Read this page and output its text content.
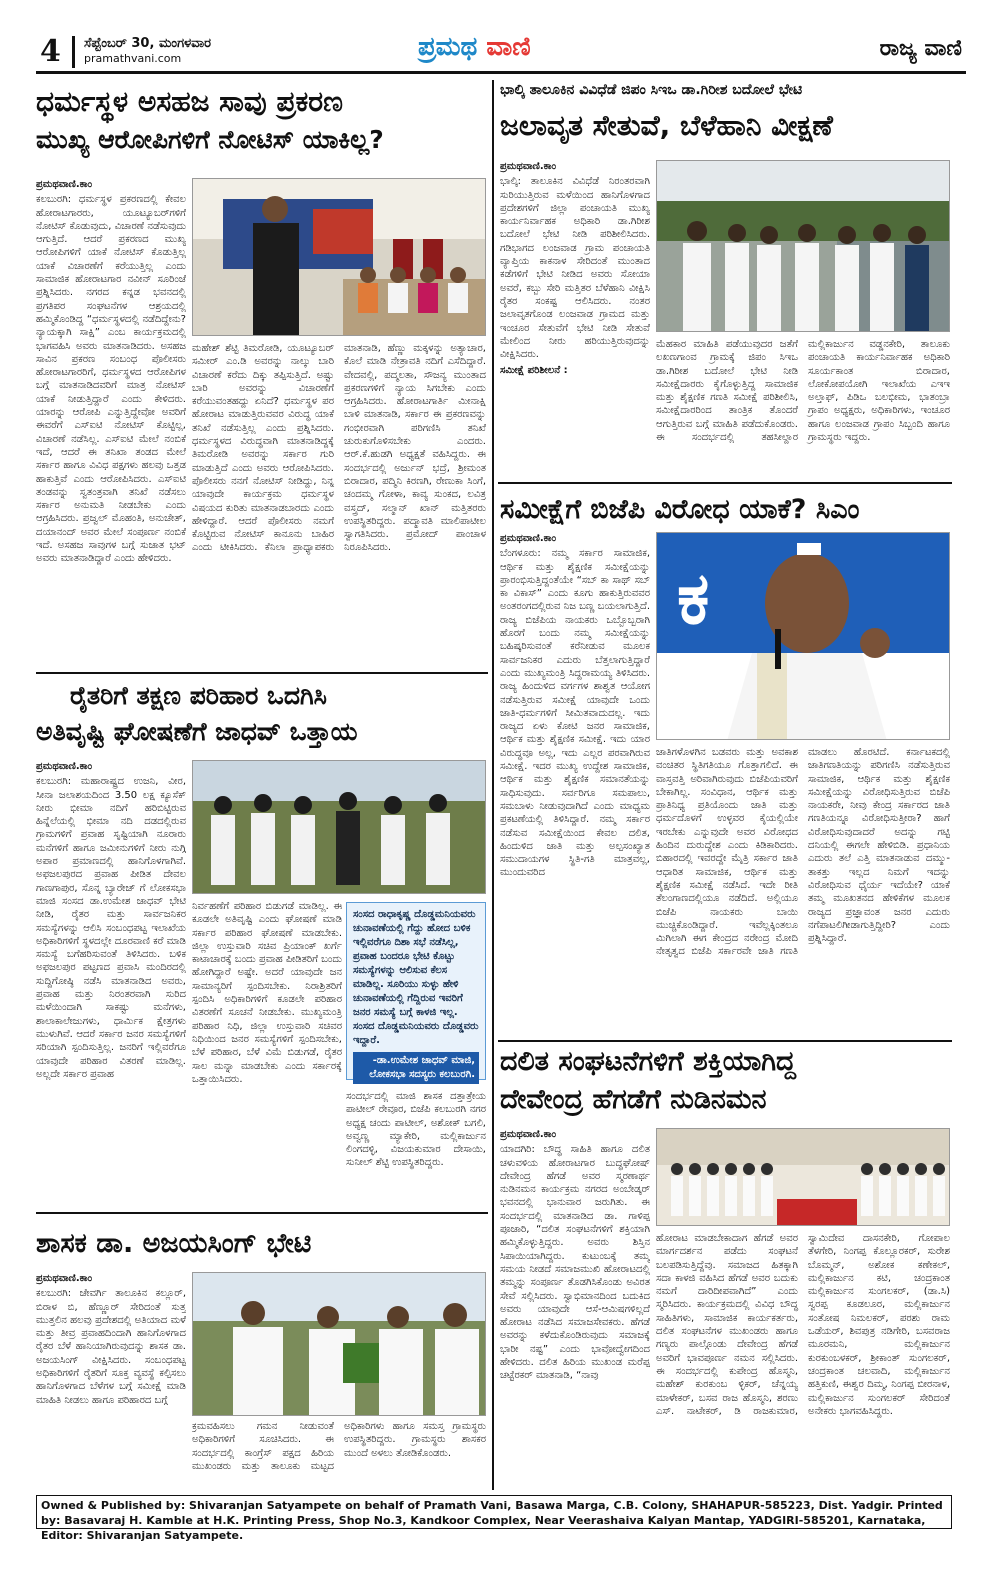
4 ಸೆಪ್ಟೆಂಬರ್ 30, ಮಂಗಳವಾರ
pramathvani.com	ಪ್ರಮಥ ವಾಣಿ	ರಾಜ್ಯ ವಾಣಿ
ಧರ್ಮಸ್ಥಳ ಅಸಹಜ ಸಾವು ಪ್ರಕರಣ
ಮುಖ್ಯ ಆರೋಪಿಗಳಿಗೆ ನೋಟಿಸ್ ಯಾಕಿಲ್ಲ?
ಪ್ರಮಥವಾಣಿ.ಕಾಂ
ಕಲಬುರಗಿ: ಧರ್ಮಸ್ಥಳ ಪ್ರಕರಣದಲ್ಲಿ ಕೇವಲ ಹೋರಾಟಗಾರರು, ಯೂಟ್ಯೂಬರ್‌ಗಳಿಗೆ ನೋಟಿಸ್ ಕೊಡುವುದು, ವಿಚಾರಣೆ ನಡೆಸುವುದು ಆಗುತ್ತಿದೆ. ಆದರೆ ಪ್ರಕರಣದ ಮುಖ್ಯ ಆರೋಪಿಗಳಿಗೆ ಯಾಕೆ ನೋಟಿಸ್ ಕೊಡುತ್ತಿಲ್ಲ ಯಾಕೆ ವಿಚಾರಣೆಗೆ ಕರೆಯುತ್ತಿಲ್ಲ ಎಂದು ಸಾಮಾಜಿಕ ಹೋರಾಟಗಾರ ನವೀನ್ ಸೂರಿಂಜೆ ಪ್ರಶ್ನಿಸಿದರು. ನಗರದ ಕನ್ನಡ ಭವನದಲ್ಲಿ ಪ್ರಗತಿಪರ ಸಂಘಟನೆಗಳ ಆಶ್ರಯದಲ್ಲಿ ಹಮ್ಮಿಕೊಂಡಿದ್ದ “ಧರ್ಮಸ್ಥಳದಲ್ಲಿ ನಡೆದಿದ್ದೇನು? ನ್ಯಾಯಕ್ಕಾಗಿ ಸಾಕ್ಷಿ” ಎಂಬ ಕಾರ್ಯಕ್ರಮದಲ್ಲಿ ಭಾಗವಹಿಸಿ ಅವರು ಮಾತನಾಡಿದರು. ಅಸಹಜ ಸಾವಿನ ಪ್ರಕರಣ ಸಂಬಂಧ ಪೊಲೀಸರು ಹೋರಾಟಗಾರರಿಗೆ, ಧರ್ಮಸ್ಥಳದ ಆರೋಪಿಗಳ ಬಗ್ಗೆ ಮಾತನಾಡಿದವರಿಗೆ ಮಾತ್ರ ನೋಟಿಸ್ ಯಾಕೆ ನೀಡುತ್ತಿದ್ದಾರೆ ಎಂದು ಕೇಳಿದರು. ಯಾರನ್ನು ಆರೋಪಿ ಎನ್ನುತ್ತಿದ್ದೇವೋ ಅವರಿಗೆ ಈವರೆಗೆ ಎಸ್‌ಐಟಿ ನೋಟಿಸ್ ಕೊಟ್ಟಿಲ್ಲ, ವಿಚಾರಣೆ ನಡೆಸಿಲ್ಲ. ಎಸ್‌ಐಟಿ ಮೇಲೆ ನಂಬಿಕೆ ಇದೆ, ಆದರೆ ಈ ತನಿಖಾ ತಂಡದ ಮೇಲೆ ಸರ್ಕಾರ ಹಾಗೂ ವಿವಿಧ ಪಕ್ಷಗಳು ಹಲವು ಒತ್ತಡ ಹಾಕುತ್ತಿವೆ ಎಂದು ಆರೋಪಿಸಿದರು. ಎಸ್‌ಐಟಿ ತಂಡವನ್ನು ಸ್ವತಂತ್ರವಾಗಿ ತನಿಖೆ ನಡೆಸಲು ಸರ್ಕಾರ ಅನುಮತಿ ನೀಡಬೇಕು ಎಂದು ಆಗ್ರಹಿಸಿದರು. ಪ್ರಜ್ವಲ್ ಮೊಹಂತಿ, ಅನುಚೇತ್, ದಯಾನಂದ್ ಅವರ ಮೇಲೆ ಸಂಪೂರ್ಣ ನಂಬಿಕೆ ಇದೆ. ಅಸಹಜ ಸಾವುಗಳ ಬಗ್ಗೆ ಸುಜಾತ ಭಟ್ ಅವರು ಮಾತನಾಡಿದ್ದಾರೆ ಎಂದು ಹೇಳಿದರು.
ಮಹೇಶ್ ಶೆಟ್ಟಿ ತಿಮರೋಡಿ, ಯೂಟ್ಯೂಬರ್ ಸಮೀರ್ ಎಂ.ಡಿ ಅವರನ್ನು ನಾಲ್ಕು ಬಾರಿ ವಿಚಾರಣೆ ಕರೆದು ದಿಕ್ಕು ತಪ್ಪಿಸುತ್ತಿದೆ. ಅಷ್ಟು ಬಾರಿ ಅವರನ್ನು ವಿಚಾರಣೆಗೆ ಕರೆಯುವಂತಹದ್ದು ಏನಿದೆ? ಧರ್ಮಸ್ಥಳ ಪರ ಹೋರಾಟ ಮಾಡುತ್ತಿರುವವರ ವಿರುದ್ಧ ಯಾಕೆ ತನಿಖೆ ನಡೆಸುತ್ತಿಲ್ಲ ಎಂದು ಪ್ರಶ್ನಿಸಿದರು. ಧರ್ಮಸ್ಥಳದ ವಿರುದ್ಧವಾಗಿ ಮಾತನಾಡಿದ್ದಕ್ಕೆ ತಿಮರೋಡಿ ಅವರನ್ನು ಸರ್ಕಾರ ಗುರಿ ಮಾಡುತ್ತಿದೆ ಎಂದು ಅವರು ಆರೋಪಿಸಿದರು. ಪೊಲೀಸರು ನನಗೆ ನೋಟಿಸ್ ನೀಡಿದ್ದು, ನಿನ್ನ ಯಾವುದೇ ಕಾರ್ಯಕ್ರಮ ಧರ್ಮಸ್ಥಳ ವಿಷಯದ ಕುರಿತು ಮಾತನಾಡಬಾರದು ಎಂದು ಹೇಳಿದ್ದಾರೆ. ಆದರೆ ಪೊಲೀಸರು ನಮಗೆ ಕೊಟ್ಟಿರುವ ನೋಟಿಸ್ ಕಾನೂನು ಬಾಹಿರ ಎಂದು ಟೀಕಿಸಿದರು. ಕೆನಿಲಾ ಪ್ರಾಧ್ಯಾಪಕರು ಮಾತನಾಡಿ, ಹೆಣ್ಣು ಮಕ್ಕಳನ್ನು ಅತ್ಯಾಚಾರ, ಕೊಲೆ ಮಾಡಿ ನೇತ್ರಾವತಿ ನದಿಗೆ ಎಸೆದಿದ್ದಾರೆ. ವೇದವಲ್ಲಿ, ಪದ್ಮಲತಾ, ಸೌಜನ್ಯ ಮುಂತಾದ ಪ್ರಕರಣಗಳಿಗೆ ನ್ಯಾಯ ಸಿಗಬೇಕು ಎಂದು ಆಗ್ರಹಿಸಿದರು. ಹೋರಾಟಗಾರ್ತಿ ಮೀನಾಕ್ಷಿ ಬಾಳಿ ಮಾತನಾಡಿ, ಸರ್ಕಾರ ಈ ಪ್ರಕರಣವನ್ನು ಗಂಭೀರವಾಗಿ ಪರಿಗಣಿಸಿ ತನಿಖೆ ಚುರುಕುಗೊಳಿಸಬೇಕು ಎಂದರು. ಆರ್.ಕೆ.ಹುಡಗಿ ಅಧ್ಯಕ್ಷತೆ ವಹಿಸಿದ್ದರು. ಈ ಸಂದರ್ಭದಲ್ಲಿ ಅರ್ಜುನ್ ಭದ್ರೆ, ಶ್ರೀಮಂತ ಬಿರಾದಾರ, ಪದ್ಮಿನಿ ಕಿರಣಗಿ, ರೇಣುಕಾ ಸಿಂಗೆ, ಚಂದಮ್ಮ ಗೋಳಾ, ಕಾವ್ಯ ಸುಂಕದ, ಲವಿತ್ರ ವಸ್ತ್ರದ್, ಸಲ್ಮಾನ್ ಖಾನ್ ಮತ್ತಿತರರು ಉಪಸ್ಥಿತರಿದ್ದರು. ಪದ್ಮಾವತಿ ಮಾಲಿಪಾಟೀಲ ಸ್ವಾಗತಿಸಿದರು. ಪ್ರಮೋದ್ ಪಾಂಚಾಳ ನಿರೂಪಿಸಿದರು.
ರೈತರಿಗೆ ತಕ್ಷಣ ಪರಿಹಾರ ಒದಗಿಸಿ
ಅತಿವೃಷ್ಟಿ ಘೋಷಣೆಗೆ ಜಾಧವ್ ಒತ್ತಾಯ
ಪ್ರಮಥವಾಣಿ.ಕಾಂ
ಕಲಬುರಗಿ: ಮಹಾರಾಷ್ಟ್ರದ ಉಜನಿ, ವೀರ, ಸೀನಾ ಜಲಾಶಯದಿಂದ 3.50 ಲಕ್ಷ ಕ್ಯೂಸೆಕ್ ನೀರು ಭೀಮಾ ನದಿಗೆ ಹರಿಬಿಟ್ಟಿರುವ ಹಿನ್ನೆಲೆಯಲ್ಲಿ ಭೀಮಾ ನದಿ ದಡದಲ್ಲಿರುವ ಗ್ರಾಮಗಳಿಗೆ ಪ್ರವಾಹ ಸೃಷ್ಟಿಯಾಗಿ ನೂರಾರು ಮನೆಗಳಿಗೆ ಹಾಗೂ ಜಮೀನುಗಳಿಗೆ ನೀರು ನುಗ್ಗಿ ಅಪಾರ ಪ್ರಮಾಣದಲ್ಲಿ ಹಾನಿಗೊಳಗಾಗಿವೆ. ಅಫಜಲಪುರದ ಪ್ರವಾಹ ಪೀಡಿತ ದೇವಲ ಗಾಣಗಾಪುರ, ಸೊನ್ನ ಬ್ಯಾರೇಜ್ ಗೆ ಲೋಕಸಭಾ ಮಾಜಿ ಸಂಸದ ಡಾ.ಉಮೇಶ ಜಾಧವ್ ಭೇಟಿ ನೀಡಿ, ರೈತರ ಮತ್ತು ಸಾರ್ವಜನಿಕರ ಸಮಸ್ಯೆಗಳನ್ನು ಆಲಿಸಿ ಸಂಬಂಧಪಟ್ಟ ಇಲಾಖೆಯ ಅಧಿಕಾರಿಗಳಿಗೆ ಸ್ಥಳದಲ್ಲೇ ದೂರವಾಣಿ ಕರೆ ಮಾಡಿ ಸಮಸ್ಯೆ ಬಗೆಹರಿಸುವಂತೆ ತಿಳಿಸಿದರು. ಬಳಿಕ ಅಫಜಲಪುರ ಪಟ್ಟಣದ ಪ್ರವಾಸಿ ಮಂದಿರದಲ್ಲಿ ಸುದ್ದಿಗೋಷ್ಠಿ ನಡೆಸಿ ಮಾತನಾಡಿದ ಅವರು, ಪ್ರವಾಹ ಮತ್ತು ನಿರಂತರವಾಗಿ ಸುರಿದ ಮಳೆಯಿಂದಾಗಿ ಸಾಕಷ್ಟು ಮನೆಗಳು, ಶಾಲಾಕಾಲೇಜುಗಳು, ಧಾರ್ಮಿಕ ಕ್ಷೇತ್ರಗಳು ಮುಳುಗಿವೆ. ಆದರೆ ಸರ್ಕಾರ ಜನರ ಸಮಸ್ಯೆಗಳಿಗೆ ಸರಿಯಾಗಿ ಸ್ಪಂದಿಸುತ್ತಿಲ್ಲ. ಜನರಿಗೆ ಇಲ್ಲಿವರೆಗೂ ಯಾವುದೇ ಪರಿಹಾರ ವಿತರಣೆ ಮಾಡಿಲ್ಲ. ಅಲ್ಲದೇ ಸರ್ಕಾರ ಪ್ರವಾಹ
ನಿರ್ವಹಣೆಗೆ ಪರಿಹಾರ ಬಿಡುಗಡೆ ಮಾಡಿಲ್ಲ. ಈ ಕೂಡಲೇ ಅತಿವೃಷ್ಟಿ ಎಂದು ಘೋಷಣೆ ಮಾಡಿ ಸರ್ಕಾರ ಪರಿಹಾರ ಘೋಷಣೆ ಮಾಡಬೇಕು. ಜಿಲ್ಲಾ ಉಸ್ತುವಾರಿ ಸಚಿವ ಪ್ರಿಯಾಂಕ್ ಖರ್ಗೆ ಕಾಟಾಚಾರಕ್ಕೆ ಬಂದು ಪ್ರವಾಹ ಪೀಡಿತರಿಗೆ ಬಂದು ಹೋಗಿದ್ದಾರೆ ಅಷ್ಟೇ. ಅದರೆ ಯಾವುದೇ ಜನ ಸಾಮಾನ್ಯರಿಗೆ ಸ್ಪಂದಿಸಬೇಕು. ನಿರಾಶ್ರಿತರಿಗೆ ಸ್ಪಂದಿಸಿ ಅಧಿಕಾರಿಗಳಿಗೆ ಕೂಡಲೇ ಪರಿಹಾರ ವಿತರಣೆಗೆ ಸೂಚನೆ ನೀಡಬೇಕು. ಮುಖ್ಯಮಂತ್ರಿ ಪರಿಹಾರ ನಿಧಿ, ಜಿಲ್ಲಾ ಉಸ್ತುವಾರಿ ಸಚಿವರ ನಿಧಿಯಿಂದ ಜನರ ಸಮಸ್ಯೆಗಳಿಗೆ ಸ್ಪಂದಿಸಬೇಕು, ಬೆಳೆ ಪರಿಹಾರ, ಬೆಳೆ ವಿಮೆ ಬಿಡುಗಡೆ, ರೈತರ ಸಾಲ ಮನ್ನಾ ಮಾಡಬೇಕು ಎಂದು ಸರ್ಕಾರಕ್ಕೆ ಒತ್ತಾಯಿಸಿದರು.
ಸಂಸದ ರಾಧಾಕೃಷ್ಣ ದೊಡ್ಡಮನಿಯವರು ಚುನಾವಣೆಯಲ್ಲಿ ಗೆದ್ದು ಹೋದ ಬಳಿಕ ಇಲ್ಲಿವರೆಗೂ ದಿಶಾ ಸಭೆ ನಡೆಸಿಲ್ಲ, ಪ್ರವಾಹ ಬಂದರೂ ಭೇಟಿ ಕೊಟ್ಟು ಸಮಸ್ಯೆಗಳನ್ನು ಆಲಿಸುವ ಕೆಲಸ ಮಾಡಿಲ್ಲ. ಸೂರಿಯು ಸುಳ್ಳು ಹೇಳಿ ಚುನಾವಣೆಯಲ್ಲಿ ಗೆದ್ದಿರುವ ಇವರಿಗೆ ಜನರ ಸಮಸ್ಯೆ ಬಗ್ಗೆ ಕಾಳಜಿ ಇಲ್ಲ. ಸಂಸದ ದೊಡ್ಡಮನಿಯವರು ದೊಡ್ಡವರು ಇದ್ದಾರೆ.
-ಡಾ.ಉಮೇಶ ಜಾಧವ್ ಮಾಜಿ, ಲೋಕಸಭಾ ಸದಸ್ಯರು ಕಲಬುರಗಿ.
ಸಂದರ್ಭದಲ್ಲಿ ಮಾಜಿ ಶಾಸಕ ದತ್ತಾತ್ರೇಯ ಪಾಟೀಲ್ ರೇವೂರ, ಬಿಜೆಪಿ ಕಲಬುರಗಿ ನಗರ ಅಧ್ಯಕ್ಷ ಚಂದು ಪಾಟೀಲ್, ಅಶೋಕ್ ಬಗಲಿ, ಅವ್ವಣ್ಣ ಮ್ಯಾಕೇರಿ, ಮಲ್ಲಿಕಾರ್ಜುನ ಲಿಂಗದಳ್ಳಿ, ವಿಜಯಕುಮಾರ ದೇಸಾಯಿ, ಸುನೀಲ್ ಶೆಟ್ಟಿ ಉಪಸ್ಥಿತರಿದ್ದರು.
ಶಾಸಕ ಡಾ. ಅಜಯಸಿಂಗ್ ಭೇಟಿ
ಪ್ರಮಥವಾಣಿ.ಕಾಂ
ಕಲಬುರಗಿ: ಜೇವರ್ಗಿ ತಾಲೂಕಿನ ಕಲ್ಲೂರ್, ಬಿರಾಳ ಬಿ, ಹೆಣ್ಣೂರ್ ಸೇರಿದಂತೆ ಸುತ್ತ ಮುತ್ತಲಿನ ಹಲವು ಪ್ರದೇಶದಲ್ಲಿ ಅತಿಯಾದ ಮಳೆ ಮತ್ತು ತೀವ್ರ ಪ್ರವಾಹದಿಂದಾಗಿ ಹಾನಿಗೊಳಗಾದ ರೈತರ ಬೆಳೆ ಹಾನಿಯಾಗಿರುವುದನ್ನು ಶಾಸಕ ಡಾ. ಅಜಯಸಿಂಗ್ ವೀಕ್ಷಿಸಿದರು. ಸಂಬಂಧಪಟ್ಟ ಅಧಿಕಾರಿಗಳಿಗೆ ರೈತರಿಗೆ ಸೂಕ್ತ ವ್ಯವಸ್ಥೆ ಕಲ್ಪಿಸಲು ಹಾನಿಗೊಳಗಾದ ಬೆಳೆಗಳ ಬಗ್ಗೆ ಸಮೀಕ್ಷೆ ಮಾಡಿ ಮಾಹಿತಿ ನೀಡಲು ಹಾಗೂ ಪರಿಹಾರದ ಬಗ್ಗೆ
ಕ್ರಮವಹಿಸಲು ಗಮನ ನೀಡುವಂತೆ ಅಧಿಕಾರಿಗಳಿಗೆ ಸೂಚಿಸಿದರು. ಈ ಸಂದರ್ಭದಲ್ಲಿ ಕಾಂಗ್ರೆಸ್ ಪಕ್ಷದ ಹಿರಿಯ ಮುಖಂಡರು ಮತ್ತು ತಾಲೂಕು ಮಟ್ಟದ ಅಧಿಕಾರಿಗಳು ಹಾಗೂ ಸಮಸ್ತ ಗ್ರಾಮಸ್ಥರು ಉಪಸ್ಥಿತರಿದ್ದರು. ಗ್ರಾಮಸ್ಥರು ಶಾಸಕರ ಮುಂದೆ ಅಳಲು ತೋಡಿಕೊಂಡರು.
ಭಾಲ್ಕಿ ತಾಲೂಕಿನ ವಿವಿಧೆಡೆ ಜಿಪಂ ಸಿಇಒ ಡಾ.ಗಿರೀಶ ಬದೋಲೆ ಭೇಟಿ
ಜಲಾವೃತ ಸೇತುವೆ, ಬೆಳೆಹಾನಿ ವೀಕ್ಷಣೆ
ಪ್ರಮಥವಾಣಿ.ಕಾಂ
ಭಾಲ್ಕಿ: ತಾಲೂಕಿನ ವಿವಿಧೆಡೆ ನಿರಂತರವಾಗಿ ಸುರಿಯುತ್ತಿರುವ ಮಳೆಯಿಂದ ಹಾನಿಗೊಳಗಾದ ಪ್ರದೇಶಗಳಿಗೆ ಜಿಲ್ಲಾ ಪಂಚಾಯತಿ ಮುಖ್ಯ ಕಾರ್ಯನಿರ್ವಾಹಕ ಅಧಿಕಾರಿ ಡಾ.ಗಿರೀಶ ಬದೋಲೆ ಭೇಟಿ ನೀಡಿ ಪರಿಶೀಲಿಸಿದರು. ಗಡಿಭಾಗದ ಲಂಜವಾಡ ಗ್ರಾಮ ಪಂಚಾಯತಿ ವ್ಯಾಪ್ತಿಯ ಕಾಕನಾಳ ಸೇರಿದಂತೆ ಮುಂತಾದ ಕಡೆಗಳಿಗೆ ಭೇಟಿ ನೀಡಿದ ಅವರು ಸೋಯಾ ಅವರೆ, ಕಬ್ಬು ಸೇರಿ ಮತ್ತಿತರ ಬೆಳೆಹಾನಿ ವೀಕ್ಷಿಸಿ ರೈತರ ಸಂಕಷ್ಟ ಆಲಿಸಿದರು. ನಂತರ ಜಲಾವೃತಗೊಂಡ ಲಂಜವಾಡ ಗ್ರಾಮದ ಮತ್ತು ಇಂಚೂರ ಸೇತುವೆಗೆ ಭೇಟಿ ನೀಡಿ ಸೇತುವೆ ಮೇಲಿಂದ ನೀರು ಹರಿಯುತ್ತಿರುವುದನ್ನು ವೀಕ್ಷಿಸಿದರು.
ಸಮೀಕ್ಷೆ ಪರಿಶೀಲನೆ :
ಮೆಹಕಾರ ಮಾಹಿತಿ ಪಡೆಯುವುದರ ಜತೆಗೆ ಲಖಣಗಾಂವ ಗ್ರಾಮಕ್ಕೆ ಜಿಪಂ ಸಿಇಒ ಡಾ.ಗಿರೀಶ ಬದೋಲೆ ಭೇಟಿ ನೀಡಿ ಸಮೀಕ್ಷೆದಾರರು ಕೈಗೊಳ್ಳುತ್ತಿದ್ದ ಸಾಮಾಜಿಕ ಮತ್ತು ಶೈಕ್ಷಣಿಕ ಗಣತಿ ಸಮೀಕ್ಷೆ ಪರಿಶೀಲಿಸಿ, ಸಮೀಕ್ಷೆದಾರರಿಂದ ತಾಂತ್ರಿಕ ತೊಂದರೆ ಆಗುತ್ತಿರುವ ಬಗ್ಗೆ ಮಾಹಿತಿ ಪಡೆದುಕೊಂಡರು. ಈ ಸಂದರ್ಭದಲ್ಲಿ ತಹಸೀಲ್ದಾರ ಮಲ್ಲಿಕಾರ್ಜುನ ವಡ್ಡನಕೇರಿ, ತಾಲೂಕು ಪಂಚಾಯತಿ ಕಾರ್ಯನಿರ್ವಾಹಕ ಅಧಿಕಾರಿ ಸೂರ್ಯಕಾಂತ ಬಿರಾದಾರ, ಲೋಕೋಪಯೋಗಿ ಇಲಾಖೆಯ ಎಇಇ ಅಲ್ತಾಫ್, ಪಿಡಿಒ ಬಲಭೀಮ, ಭಾತಂಬ್ರಾ ಗ್ರಾಪಂ ಅಧ್ಯಕ್ಷರು, ಅಧಿಕಾರಿಗಳು, ಇಂಚೂರ ಹಾಗೂ ಲಂಜವಾಡ ಗ್ರಾಪಂ ಸಿಬ್ಬಂದಿ ಹಾಗೂ ಗ್ರಾಮಸ್ಥರು ಇದ್ದರು.
ಸಮೀಕ್ಷೆಗೆ ಬಿಜೆಪಿ ವಿರೋಧ ಯಾಕೆ? ಸಿಎಂ
ಪ್ರಮಥವಾಣಿ.ಕಾಂ
ಬೆಂಗಳೂರು: ನಮ್ಮ ಸರ್ಕಾರ ಸಾಮಾಜಿಕ, ಆರ್ಥಿಕ ಮತ್ತು ಶೈಕ್ಷಣಿಕ ಸಮೀಕ್ಷೆಯನ್ನು ಪ್ರಾರಂಭಿಸುತ್ತಿದ್ದಂತೆಯೇ “ಸಬ್ ಕಾ ಸಾಥ್ ಸಬ್ ಕಾ ವಿಕಾಸ್” ಎಂದು ಕೂಗು ಹಾಕುತ್ತಿರುವವರ ಅಂತರಂಗದಲ್ಲಿರುವ ನಿಜ ಬಣ್ಣ ಬಯಲಾಗುತ್ತಿದೆ. ರಾಜ್ಯ ಬಿಜೆಪಿಯ ನಾಯಕರು ಒಬ್ಬೊಬ್ಬರಾಗಿ ಹೊರಗೆ ಬಂದು ನಮ್ಮ ಸಮೀಕ್ಷೆಯನ್ನು ಬಹಿಷ್ಕರಿಸುವಂತೆ ಕರೆನೀಡುವ ಮೂಲಕ ಸಾರ್ವಜನಿಕರ ಎದುರು ಬೆತ್ತಲಾಗುತ್ತಿದ್ದಾರೆ ಎಂದು ಮುಖ್ಯಮಂತ್ರಿ ಸಿದ್ದರಾಮಯ್ಯ ತಿಳಿಸಿದರು. ರಾಜ್ಯ ಹಿಂದುಳಿದ ವರ್ಗಗಳ ಶಾಶ್ವತ ಆಯೋಗ ನಡೆಸುತ್ತಿರುವ ಸಮೀಕ್ಷೆ ಯಾವುದೇ ಒಂದು ಜಾತಿ-ಧರ್ಮಗಳಿಗೆ ಸೀಮಿತವಾದುದಲ್ಲ. ಇದು ರಾಜ್ಯದ ಏಳು ಕೋಟಿ ಜನರ ಸಾಮಾಜಿಕ, ಆರ್ಥಿಕ ಮತ್ತು ಶೈಕ್ಷಣಿಕ ಸಮೀಕ್ಷೆ. ಇದು ಯಾರ ವಿರುದ್ಧವೂ ಅಲ್ಲ, ಇದು ಎಲ್ಲರ ಪರವಾಗಿರುವ ಸಮೀಕ್ಷೆ. ಇದರ ಮುಖ್ಯ ಉದ್ದೇಶ ಸಾಮಾಜಿಕ, ಆರ್ಥಿಕ ಮತ್ತು ಶೈಕ್ಷಣಿಕ ಸಮಾನತೆಯನ್ನು ಸಾಧಿಸುವುದು. ಸರ್ವರಿಗೂ ಸಮಪಾಲು, ಸಮಬಾಳು ನೀಡುವುದಾಗಿದೆ ಎಂದು ಮಾಧ್ಯಮ ಪ್ರಕಟಣೆಯಲ್ಲಿ ತಿಳಿಸಿದ್ದಾರೆ. ನಮ್ಮ ಸರ್ಕಾರ ನಡೆಸುವ ಸಮೀಕ್ಷೆಯಿಂದ ಕೇವಲ ದಲಿತ, ಹಿಂದುಳಿದ ಜಾತಿ ಮತ್ತು ಅಲ್ಪಸಂಖ್ಯಾತ ಸಮುದಾಯಗಳ ಸ್ಥಿತಿ-ಗತಿ ಮಾತ್ರವಲ್ಲ, ಮುಂದುವರಿದ
ಕ
ಜಾತಿಗಳೊಳಗಿನ ಬಡವರು ಮತ್ತು ಅವಕಾಶ ವಂಚಿತರ ಸ್ಥಿತಿಗತಿಯೂ ಗೊತ್ತಾಗಲಿದೆ. ಈ ವಾಸ್ತವತ್ತಿ ಅರಿವಾಗಿರುವುದು ಬಿಜೆಪಿಯವರಿಗೆ ಬೇಕಾಗಿಲ್ಲ. ಸಂವಿಧಾನ, ಆರ್ಥಿಕ ಮತ್ತು ಪ್ರಾತಿನಿಧ್ಯ ಪ್ರತಿಯೊಂದು ಜಾತಿ ಮತ್ತು ಧರ್ಮದೊಳಗೆ ಉಳ್ಳವರ ಕೈಯಲ್ಲಿಯೇ ಇರಬೇಕು ಎನ್ನುವುದೇ ಅವರ ವಿರೋಧದ ಹಿಂದಿನ ದುರುದ್ದೇಶ ಎಂದು ಕಿಡಿಕಾರಿದರು. ಬಿಹಾರದಲ್ಲಿ ಇವರದ್ದೇ ಮೈತ್ರಿ ಸರ್ಕಾರ ಜಾತಿ ಆಧಾರಿತ ಸಾಮಾಜಿಕ, ಆರ್ಥಿಕ ಮತ್ತು ಶೈಕ್ಷಣಿಕ ಸಮೀಕ್ಷೆ ನಡೆಸಿದೆ. ಇದೇ ರೀತಿ ತೆಲಂಗಾಣದಲ್ಲಿಯೂ ನಡೆದಿದೆ. ಅಲ್ಲಿಯೂ ಬಿಜೆಪಿ ನಾಯಕರು ಬಾಯಿ ಮುಚ್ಚಿಕೊಂಡಿದ್ದಾರೆ. ಇವೆಲ್ಲಕ್ಕಿಂತಲೂ ಮಿಗಿಲಾಗಿ ಈಗ ಕೇಂದ್ರದ ನರೇಂದ್ರ ಮೋದಿ ನೇತೃತ್ವದ ಬಿಜೆಪಿ ಸರ್ಕಾರವೇ ಜಾತಿ ಗಣತಿ ಮಾಡಲು ಹೊರಟಿದೆ. ಕರ್ನಾಟಕದಲ್ಲಿ ಜಾತಿಗಣತಿಯನ್ನು ಪರಿಗಣಿಸಿ ನಡೆಸುತ್ತಿರುವ ಸಾಮಾಜಿಕ, ಆರ್ಥಿಕ ಮತ್ತು ಶೈಕ್ಷಣಿಕ ಸಮೀಕ್ಷೆಯನ್ನು ವಿರೋಧಿಸುತ್ತಿರುವ ಬಿಜೆಪಿ ನಾಯಕರೇ, ನೀವು ಕೇಂದ್ರ ಸರ್ಕಾರದ ಜಾತಿ ಗಣತಿಯನ್ನೂ ವಿರೋಧಿಸುತ್ತೀರಾ? ಹಾಗೆ ವಿರೋಧಿಸುವುದಾದರೆ ಅದನ್ನು ಗಟ್ಟಿ ದನಿಯಲ್ಲಿ ಈಗಲೇ ಹೇಳಿಬಿಡಿ. ಪ್ರಧಾನಿಯ ಎದುರು ತಲೆ ಎತ್ತಿ ಮಾತನಾಡುವ ದಮ್ಮು-ತಾಕತ್ತು ಇಲ್ಲದ ನಿಮಗೆ ಇದನ್ನು ವಿರೋಧಿಸುವ ಧೈರ್ಯ ಇದೆಯೇ? ಯಾಕೆ ತಮ್ಮ ಮೂಖತನದ ಹೇಳಿಕೆಗಳ ಮೂಲಕ ರಾಜ್ಯದ ಪ್ರಜ್ಞಾವಂತ ಜನರ ಎದುರು ನಗೆಪಾಟಲಿಗೀಡಾಗುತ್ತಿದ್ದೀರಿ? ಎಂದು ಪ್ರಶ್ನಿಸಿದ್ದಾರೆ.
ದಲಿತ ಸಂಘಟನೆಗಳಿಗೆ ಶಕ್ತಿಯಾಗಿದ್ದ
ದೇವೇಂದ್ರ ಹೆಗಡೆಗೆ ನುಡಿನಮನ
ಪ್ರಮಥವಾಣಿ.ಕಾಂ
ಯಾದಗಿರಿ: ಬೌದ್ಧ ಸಾಹಿತಿ ಹಾಗೂ ದಲಿತ ಚಳುವಳಿಯ ಹೋರಾಟಗಾರ ಬುದ್ಧಘೋಷ್ ದೇವೇಂದ್ರ ಹೆಗಡೆ ಅವರ ಸ್ಮರಣಾರ್ಥ ನುಡಿನಮನ ಕಾರ್ಯಕ್ರಮ ನಗರದ ಅಂಬೇಡ್ಕರ್ ಭವನದಲ್ಲಿ ಭಾನುವಾರ ಜರುಗಿತು. ಈ ಸಂದರ್ಭದಲ್ಲಿ ಮಾತನಾಡಿದ ಡಾ. ಗಾಳಿಪ್ಪ ಪೂಜಾರಿ, “ದಲಿತ ಸಂಘಟನೆಗಳಿಗೆ ಶಕ್ತಿಯಾಗಿ ಹಮ್ಮಿಕೊಳ್ಳುತ್ತಿದ್ದರು. ಅವರು ಶಿಸ್ತಿನ ಸಿಪಾಯಿಯಾಗಿದ್ದರು. ಕುಟುಂಬಕ್ಕೆ ತಮ್ಮ ಸಮಯ ನೀಡದೆ ಸಮಾಜಮುಖಿ ಹೋರಾಟದಲ್ಲಿ ತಮ್ಮನ್ನು ಸಂಪೂರ್ಣ ತೊಡಗಿಸಿಕೊಂಡು ಅವಿರತ ಸೇವೆ ಸಲ್ಲಿಸಿದರು. ಸ್ವಾಭಿಮಾನದಿಂದ ಬದುಕಿದ ಅವರು ಯಾವುದೇ ಆಸೆ-ಆಮಿಷಗಳಿಲ್ಲದೆ ಹೋರಾಟ ನಡೆಸಿದ ಸಮಾಜಸೇವಕರು. ಹೆಗಡೆ ಅವರನ್ನು ಕಳೆದುಕೊಂಡಿರುವುದು ಸಮಾಜಕ್ಕೆ ಭಾರೀ ನಷ್ಟ” ಎಂದು ಭಾವೋದ್ವೇಗದಿಂದ ಹೇಳಿದರು. ದಲಿತ ಹಿರಿಯ ಮುಖಂಡ ಮರೆಪ್ಪ ಚಟ್ಟೆರಕರ್ ಮಾತನಾಡಿ, “ನಾವು
ಹೋರಾಟ ಮಾಡಬೇಕಾದಾಗ ಹೆಗಡೆ ಅವರ ಮಾರ್ಗದರ್ಶನ ಪಡೆದು ಸಂಘಟನೆ ಬಲಪಡಿಸುತ್ತಿದ್ದೆವು. ಸಮಾಜದ ಹಿತಕ್ಕಾಗಿ ಸದಾ ಕಾಳಜಿ ವಹಿಸಿದ ಹೆಗಡೆ ಅವರ ಬದುಕು ನಮಗೆ ದಾರಿದೀಪವಾಗಿದೆ” ಎಂದು ಸ್ಮರಿಸಿದರು. ಕಾರ್ಯಕ್ರಮದಲ್ಲಿ ವಿವಿಧ ಬೌದ್ಧ ಸಾಹಿತಿಗಳು, ಸಾಮಾಜಿಕ ಕಾರ್ಯಕರ್ತರು, ದಲಿತ ಸಂಘಟನೆಗಳ ಮುಖಂಡರು ಹಾಗೂ ಗಣ್ಯರು ಪಾಲ್ಗೊಂಡು ದೇವೇಂದ್ರ ಹೆಗಡೆ ಅವರಿಗೆ ಭಾವಪೂರ್ಣ ನಮನ ಸಲ್ಲಿಸಿದರು. ಈ ಸಂದರ್ಭದಲ್ಲಿ ಕುಪೇಂದ್ರ ಹೊಸ್ಮನಿ, ಮಹೇಶ್ ಕುರಕುಂಬ ಳ್ಳಿಕರ್, ಚೆನ್ನಯ್ಯ ಮಾಳೇಕರ್, ಬಸವ ರಾಜ ಹೊಸ್ಮನಿ, ಶರಣು ಎಸ್. ನಾಟೇಕರ್, ಡಿ ರಾಜಕುಮಾರ, ಸ್ವಾಮಿದೇವ ದಾಸನಕೇರಿ, ಗೋಪಾಲ ತೆಳಗೇರಿ, ನಿಂಗಪ್ಪ ಕೊಲ್ಲೂರಕರ್, ಸುರೇಶ ಬೊಮ್ಮನ್, ಅಶೋಕ ಕಣೇಕಲ್, ಮಲ್ಲಿಕಾರ್ಜುನ ಕಟಿ, ಚಂದ್ರಕಾಂತ ಮಲ್ಲಿಕಾರ್ಜುನ ಸುಂಗಲಕರ್, (ಡಾ.ಸಿ) ಸ್ವರಪ್ಪ ಕೂಡಲೂರ, ಮಲ್ಲಿಕಾರ್ಜುನ ಸಂತೋಷ ನಿಮಲಕರ್, ಪರಶು ರಾಮ ಒಡೆಯರ್, ಶಿವಪುತ್ರ ನಡಿಗೇರಿ, ಬಸವರಾಜ ಮೂರಮನಿ, ಮಲ್ಲಿಕಾರ್ಜುನ ಕುರಕುಂಬಳಕರ್, ಶ್ರೀಕಾಂತ್ ಸುಂಗಲಕರ್, ಚಂದ್ರಕಾಂತ ಚಲವಾದಿ, ಮಲ್ಲಿಕಾರ್ಜುನ ಹತ್ತಿಕುಣಿ, ಈಶ್ವರ ದಿಮ್ಮ, ನಿಂಗಪ್ಪ ಬೀರನಾಳ, ಮಲ್ಲಿಕಾರ್ಜುನ ಸುಂಗಲಕರ್ ಸೇರಿದಂತೆ ಅನೇಕರು ಭಾಗವಹಿಸಿದ್ದರು.
Owned & Published by: Shivaranjan Satyampete on behalf of Pramath Vani, Basawa Marga, C.B. Colony, SHAHAPUR-585223, Dist. Yadgir. Printed by: Basavaraj H. Kamble at H.K. Printing Press, Shop No.3, Kandkoor Complex, Near Veerashaiva Kalyan Mantap, YADGIRI-585201, Karnataka, Editor: Shivaranjan Satyampete.
